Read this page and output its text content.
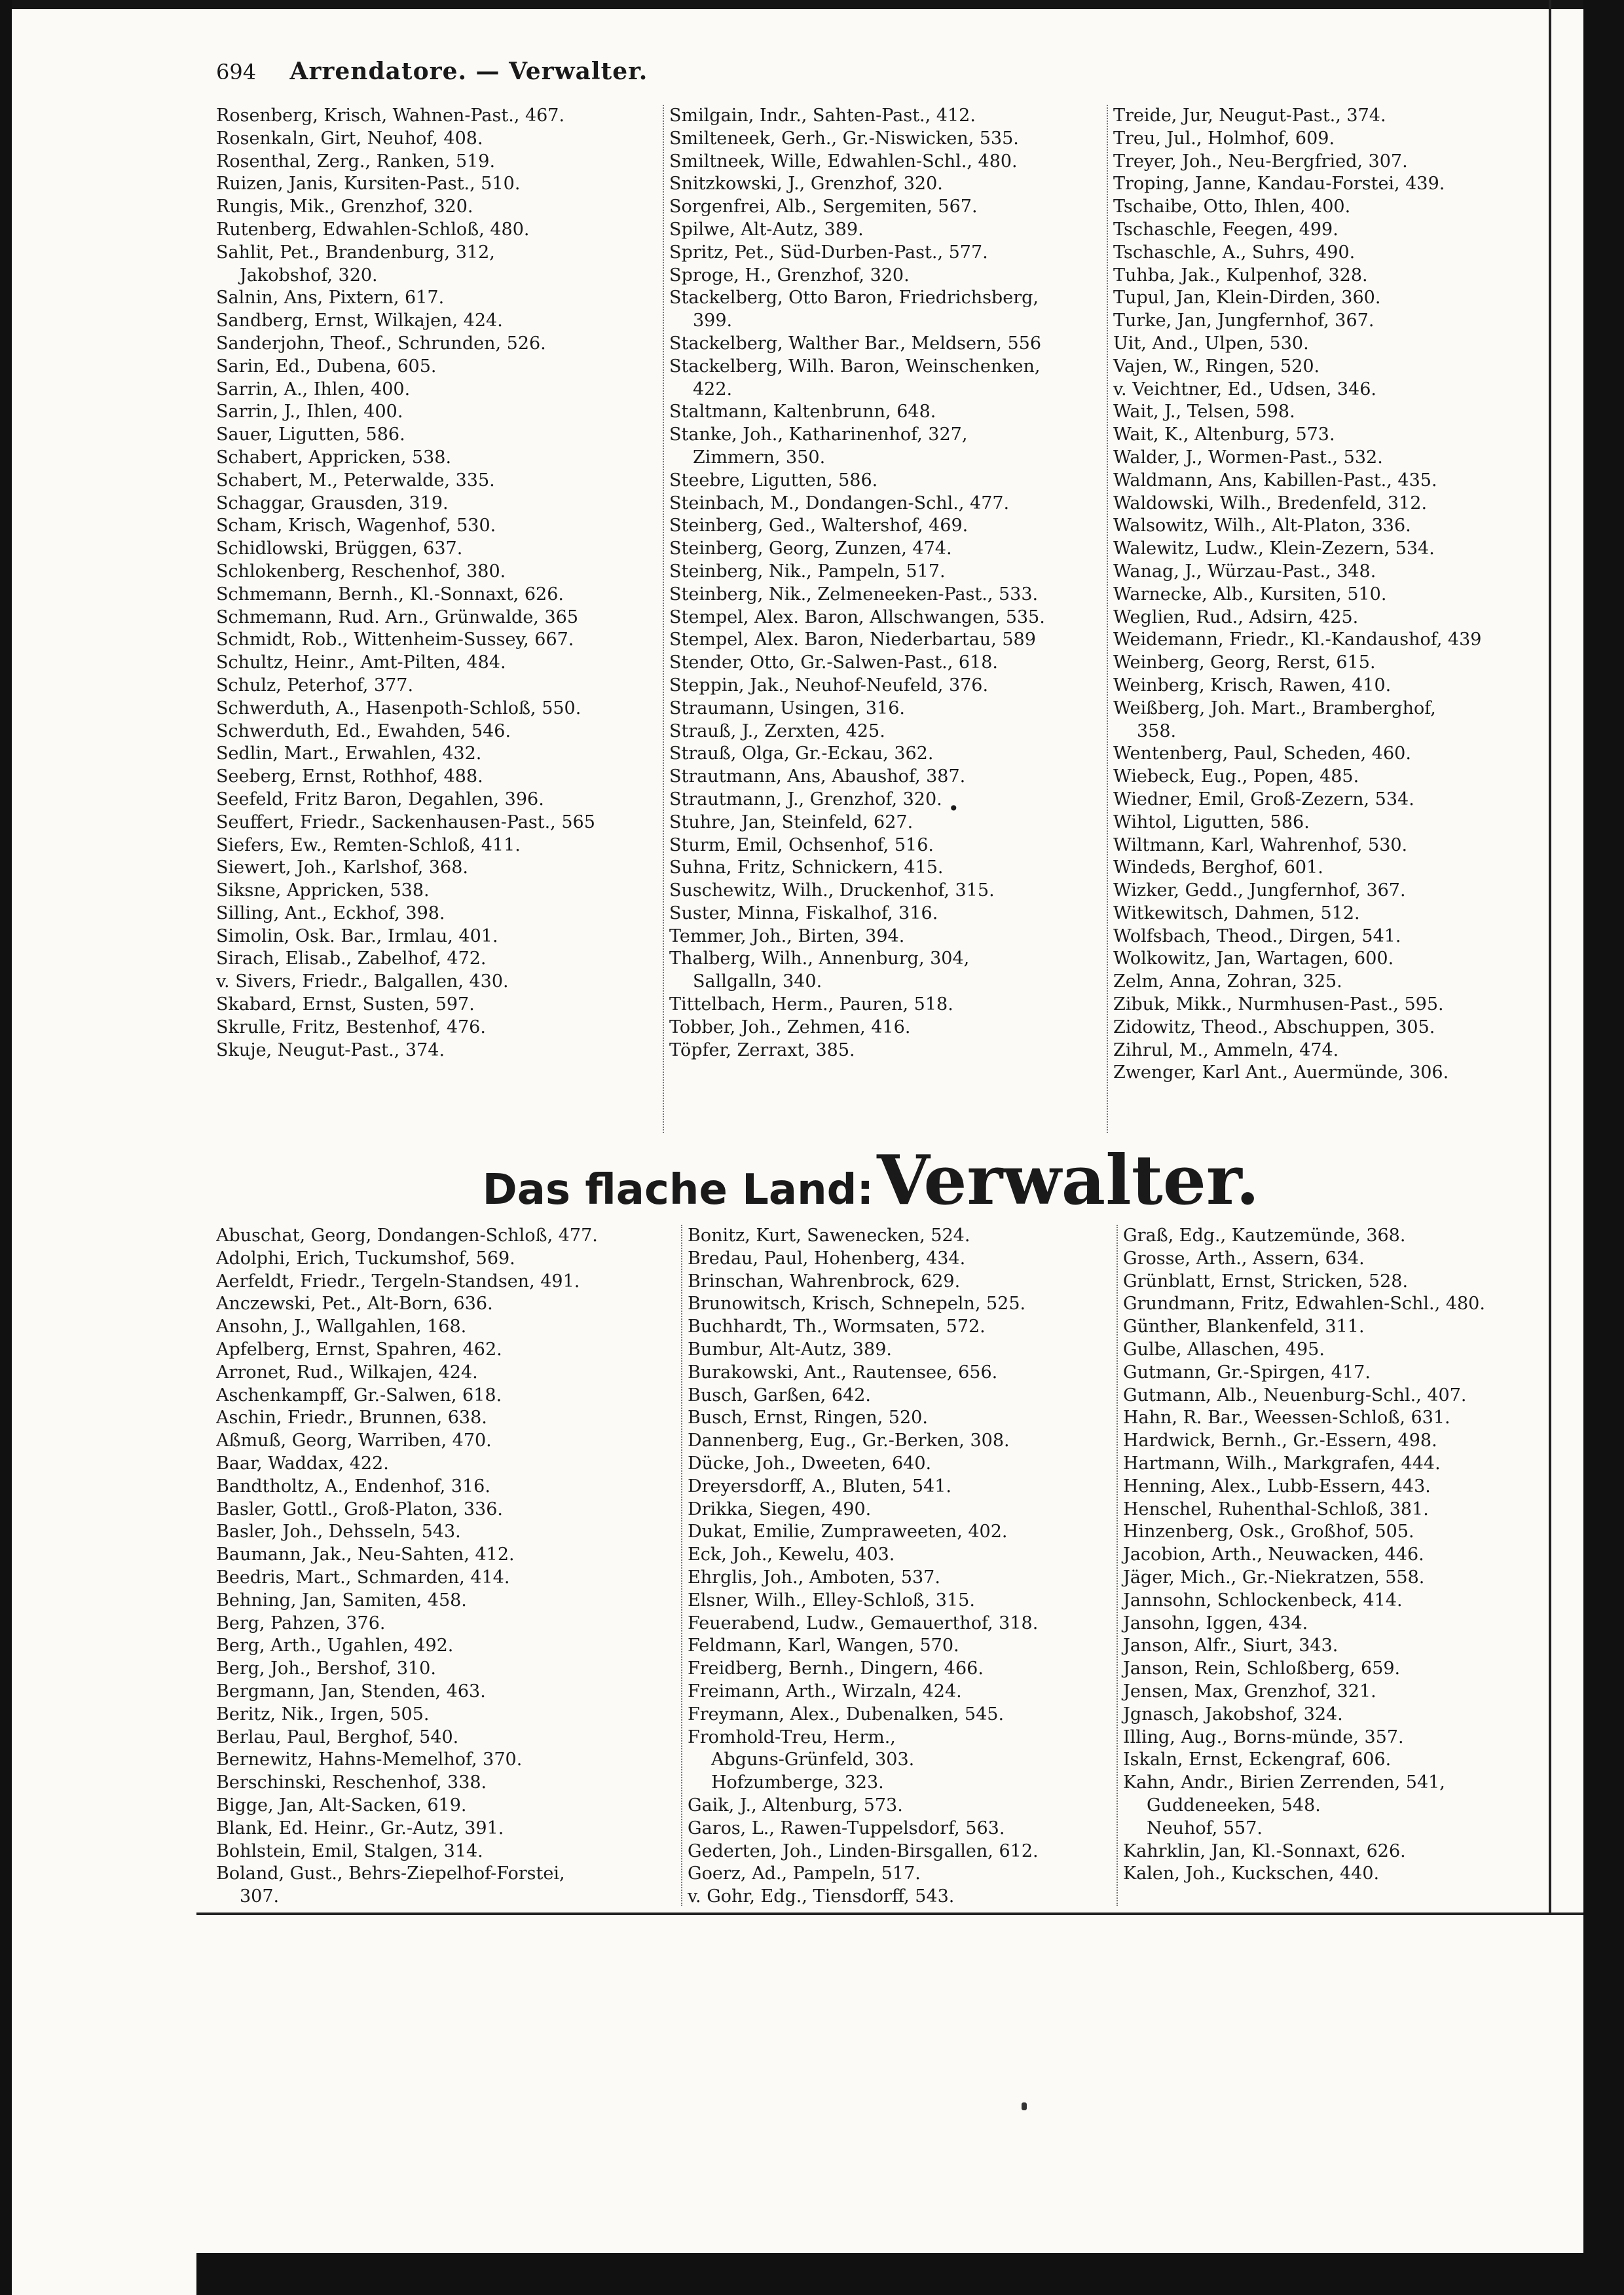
694 Arrendatore. — Verwalter.
Rosenberg, Krisch, Wahnen-Past., 467.
Rosenkaln, Girt, Neuhof, 408.
Rosenthal, Zerg., Ranken, 519.
Ruizen, Janis, Kursiten-Past., 510.
Rungis, Mik., Grenzhof, 320.
Rutenberg, Edwahlen-Schloß, 480.
Sahlit, Pet., Brandenburg, 312,
Jakobshof, 320.
Salnin, Ans, Pixtern, 617.
Sandberg, Ernst, Wilkajen, 424.
Sanderjohn, Theof., Schrunden, 526.
Sarin, Ed., Dubena, 605.
Sarrin, A., Ihlen, 400.
Sarrin, J., Ihlen, 400.
Sauer, Ligutten, 586.
Schabert, Appricken, 538.
Schabert, M., Peterwalde, 335.
Schaggar, Grausden, 319.
Scham, Krisch, Wagenhof, 530.
Schidlowski, Brüggen, 637.
Schlokenberg, Reschenhof, 380.
Schmemann, Bernh., Kl.-Sonnaxt, 626.
Schmemann, Rud. Arn., Grünwalde, 365
Schmidt, Rob., Wittenheim-Sussey, 667.
Schultz, Heinr., Amt-Pilten, 484.
Schulz, Peterhof, 377.
Schwerduth, A., Hasenpoth-Schloß, 550.
Schwerduth, Ed., Ewahden, 546.
Sedlin, Mart., Erwahlen, 432.
Seeberg, Ernst, Rothhof, 488.
Seefeld, Fritz Baron, Degahlen, 396.
Seuffert, Friedr., Sackenhausen-Past., 565
Siefers, Ew., Remten-Schloß, 411.
Siewert, Joh., Karlshof, 368.
Siksne, Appricken, 538.
Silling, Ant., Eckhof, 398.
Simolin, Osk. Bar., Irmlau, 401.
Sirach, Elisab., Zabelhof, 472.
v. Sivers, Friedr., Balgallen, 430.
Skabard, Ernst, Susten, 597.
Skrulle, Fritz, Bestenhof, 476.
Skuje, Neugut-Past., 374.
Smilgain, Indr., Sahten-Past., 412.
Smilteneek, Gerh., Gr.-Niswicken, 535.
Smiltneek, Wille, Edwahlen-Schl., 480.
Snitzkowski, J., Grenzhof, 320.
Sorgenfrei, Alb., Sergemiten, 567.
Spilwe, Alt-Autz, 389.
Spritz, Pet., Süd-Durben-Past., 577.
Sproge, H., Grenzhof, 320.
Stackelberg, Otto Baron, Friedrichsberg,
399.
Stackelberg, Walther Bar., Meldsern, 556
Stackelberg, Wilh. Baron, Weinschenken,
422.
Staltmann, Kaltenbrunn, 648.
Stanke, Joh., Katharinenhof, 327,
Zimmern, 350.
Steebre, Ligutten, 586.
Steinbach, M., Dondangen-Schl., 477.
Steinberg, Ged., Waltershof, 469.
Steinberg, Georg, Zunzen, 474.
Steinberg, Nik., Pampeln, 517.
Steinberg, Nik., Zelmeneeken-Past., 533.
Stempel, Alex. Baron, Allschwangen, 535.
Stempel, Alex. Baron, Niederbartau, 589
Stender, Otto, Gr.-Salwen-Past., 618.
Steppin, Jak., Neuhof-Neufeld, 376.
Straumann, Usingen, 316.
Strauß, J., Zerxten, 425.
Strauß, Olga, Gr.-Eckau, 362.
Strautmann, Ans, Abaushof, 387.
Strautmann, J., Grenzhof, 320.
Stuhre, Jan, Steinfeld, 627.
Sturm, Emil, Ochsenhof, 516.
Suhna, Fritz, Schnickern, 415.
Suschewitz, Wilh., Druckenhof, 315.
Suster, Minna, Fiskalhof, 316.
Temmer, Joh., Birten, 394.
Thalberg, Wilh., Annenburg, 304,
Sallgalln, 340.
Tittelbach, Herm., Pauren, 518.
Tobber, Joh., Zehmen, 416.
Töpfer, Zerraxt, 385.
Treide, Jur, Neugut-Past., 374.
Treu, Jul., Holmhof, 609.
Treyer, Joh., Neu-Bergfried, 307.
Troping, Janne, Kandau-Forstei, 439.
Tschaibe, Otto, Ihlen, 400.
Tschaschle, Feegen, 499.
Tschaschle, A., Suhrs, 490.
Tuhba, Jak., Kulpenhof, 328.
Tupul, Jan, Klein-Dirden, 360.
Turke, Jan, Jungfernhof, 367.
Uit, And., Ulpen, 530.
Vajen, W., Ringen, 520.
v. Veichtner, Ed., Udsen, 346.
Wait, J., Telsen, 598.
Wait, K., Altenburg, 573.
Walder, J., Wormen-Past., 532.
Waldmann, Ans, Kabillen-Past., 435.
Waldowski, Wilh., Bredenfeld, 312.
Walsowitz, Wilh., Alt-Platon, 336.
Walewitz, Ludw., Klein-Zezern, 534.
Wanag, J., Würzau-Past., 348.
Warnecke, Alb., Kursiten, 510.
Weglien, Rud., Adsirn, 425.
Weidemann, Friedr., Kl.-Kandaushof, 439
Weinberg, Georg, Rerst, 615.
Weinberg, Krisch, Rawen, 410.
Weißberg, Joh. Mart., Bramberghof,
358.
Wentenberg, Paul, Scheden, 460.
Wiebeck, Eug., Popen, 485.
Wiedner, Emil, Groß-Zezern, 534.
Wihtol, Ligutten, 586.
Wiltmann, Karl, Wahrenhof, 530.
Windeds, Berghof, 601.
Wizker, Gedd., Jungfernhof, 367.
Witkewitsch, Dahmen, 512.
Wolfsbach, Theod., Dirgen, 541.
Wolkowitz, Jan, Wartagen, 600.
Zelm, Anna, Zohran, 325.
Zibuk, Mikk., Nurmhusen-Past., 595.
Zidowitz, Theod., Abschuppen, 305.
Zihrul, M., Ammeln, 474.
Zwenger, Karl Ant., Auermünde, 306.
•
Das flache Land: Verwalter.
Abuschat, Georg, Dondangen-Schloß, 477.
Adolphi, Erich, Tuckumshof, 569.
Aerfeldt, Friedr., Tergeln-Standsen, 491.
Anczewski, Pet., Alt-Born, 636.
Ansohn, J., Wallgahlen, 168.
Apfelberg, Ernst, Spahren, 462.
Arronet, Rud., Wilkajen, 424.
Aschenkampff, Gr.-Salwen, 618.
Aschin, Friedr., Brunnen, 638.
Aßmuß, Georg, Warriben, 470.
Baar, Waddax, 422.
Bandtholtz, A., Endenhof, 316.
Basler, Gottl., Groß-Platon, 336.
Basler, Joh., Dehsseln, 543.
Baumann, Jak., Neu-Sahten, 412.
Beedris, Mart., Schmarden, 414.
Behning, Jan, Samiten, 458.
Berg, Pahzen, 376.
Berg, Arth., Ugahlen, 492.
Berg, Joh., Bershof, 310.
Bergmann, Jan, Stenden, 463.
Beritz, Nik., Irgen, 505.
Berlau, Paul, Berghof, 540.
Bernewitz, Hahns-Memelhof, 370.
Berschinski, Reschenhof, 338.
Bigge, Jan, Alt-Sacken, 619.
Blank, Ed. Heinr., Gr.-Autz, 391.
Bohlstein, Emil, Stalgen, 314.
Boland, Gust., Behrs-Ziepelhof-Forstei,
307.
Bonitz, Kurt, Sawenecken, 524.
Bredau, Paul, Hohenberg, 434.
Brinschan, Wahrenbrock, 629.
Brunowitsch, Krisch, Schnepeln, 525.
Buchhardt, Th., Wormsaten, 572.
Bumbur, Alt-Autz, 389.
Burakowski, Ant., Rautensee, 656.
Busch, Garßen, 642.
Busch, Ernst, Ringen, 520.
Dannenberg, Eug., Gr.-Berken, 308.
Dücke, Joh., Dweeten, 640.
Dreyersdorff, A., Bluten, 541.
Drikka, Siegen, 490.
Dukat, Emilie, Zumpraweeten, 402.
Eck, Joh., Kewelu, 403.
Ehrglis, Joh., Amboten, 537.
Elsner, Wilh., Elley-Schloß, 315.
Feuerabend, Ludw., Gemauerthof, 318.
Feldmann, Karl, Wangen, 570.
Freidberg, Bernh., Dingern, 466.
Freimann, Arth., Wirzaln, 424.
Freymann, Alex., Dubenalken, 545.
Fromhold-Treu, Herm.,
Abguns-Grünfeld, 303.
Hofzumberge, 323.
Gaik, J., Altenburg, 573.
Garos, L., Rawen-Tuppelsdorf, 563.
Gederten, Joh., Linden-Birsgallen, 612.
Goerz, Ad., Pampeln, 517.
v. Gohr, Edg., Tiensdorff, 543.
Graß, Edg., Kautzemünde, 368.
Grosse, Arth., Assern, 634.
Grünblatt, Ernst, Stricken, 528.
Grundmann, Fritz, Edwahlen-Schl., 480.
Günther, Blankenfeld, 311.
Gulbe, Allaschen, 495.
Gutmann, Gr.-Spirgen, 417.
Gutmann, Alb., Neuenburg-Schl., 407.
Hahn, R. Bar., Weessen-Schloß, 631.
Hardwick, Bernh., Gr.-Essern, 498.
Hartmann, Wilh., Markgrafen, 444.
Henning, Alex., Lubb-Essern, 443.
Henschel, Ruhenthal-Schloß, 381.
Hinzenberg, Osk., Großhof, 505.
Jacobion, Arth., Neuwacken, 446.
Jäger, Mich., Gr.-Niekratzen, 558.
Jannsohn, Schlockenbeck, 414.
Jansohn, Iggen, 434.
Janson, Alfr., Siurt, 343.
Janson, Rein, Schloßberg, 659.
Jensen, Max, Grenzhof, 321.
Jgnasch, Jakobshof, 324.
Illing, Aug., Borns-münde, 357.
Iskaln, Ernst, Eckengraf, 606.
Kahn, Andr., Birien Zerrenden, 541,
Guddeneeken, 548.
Neuhof, 557.
Kahrklin, Jan, Kl.-Sonnaxt, 626.
Kalen, Joh., Kuckschen, 440.
